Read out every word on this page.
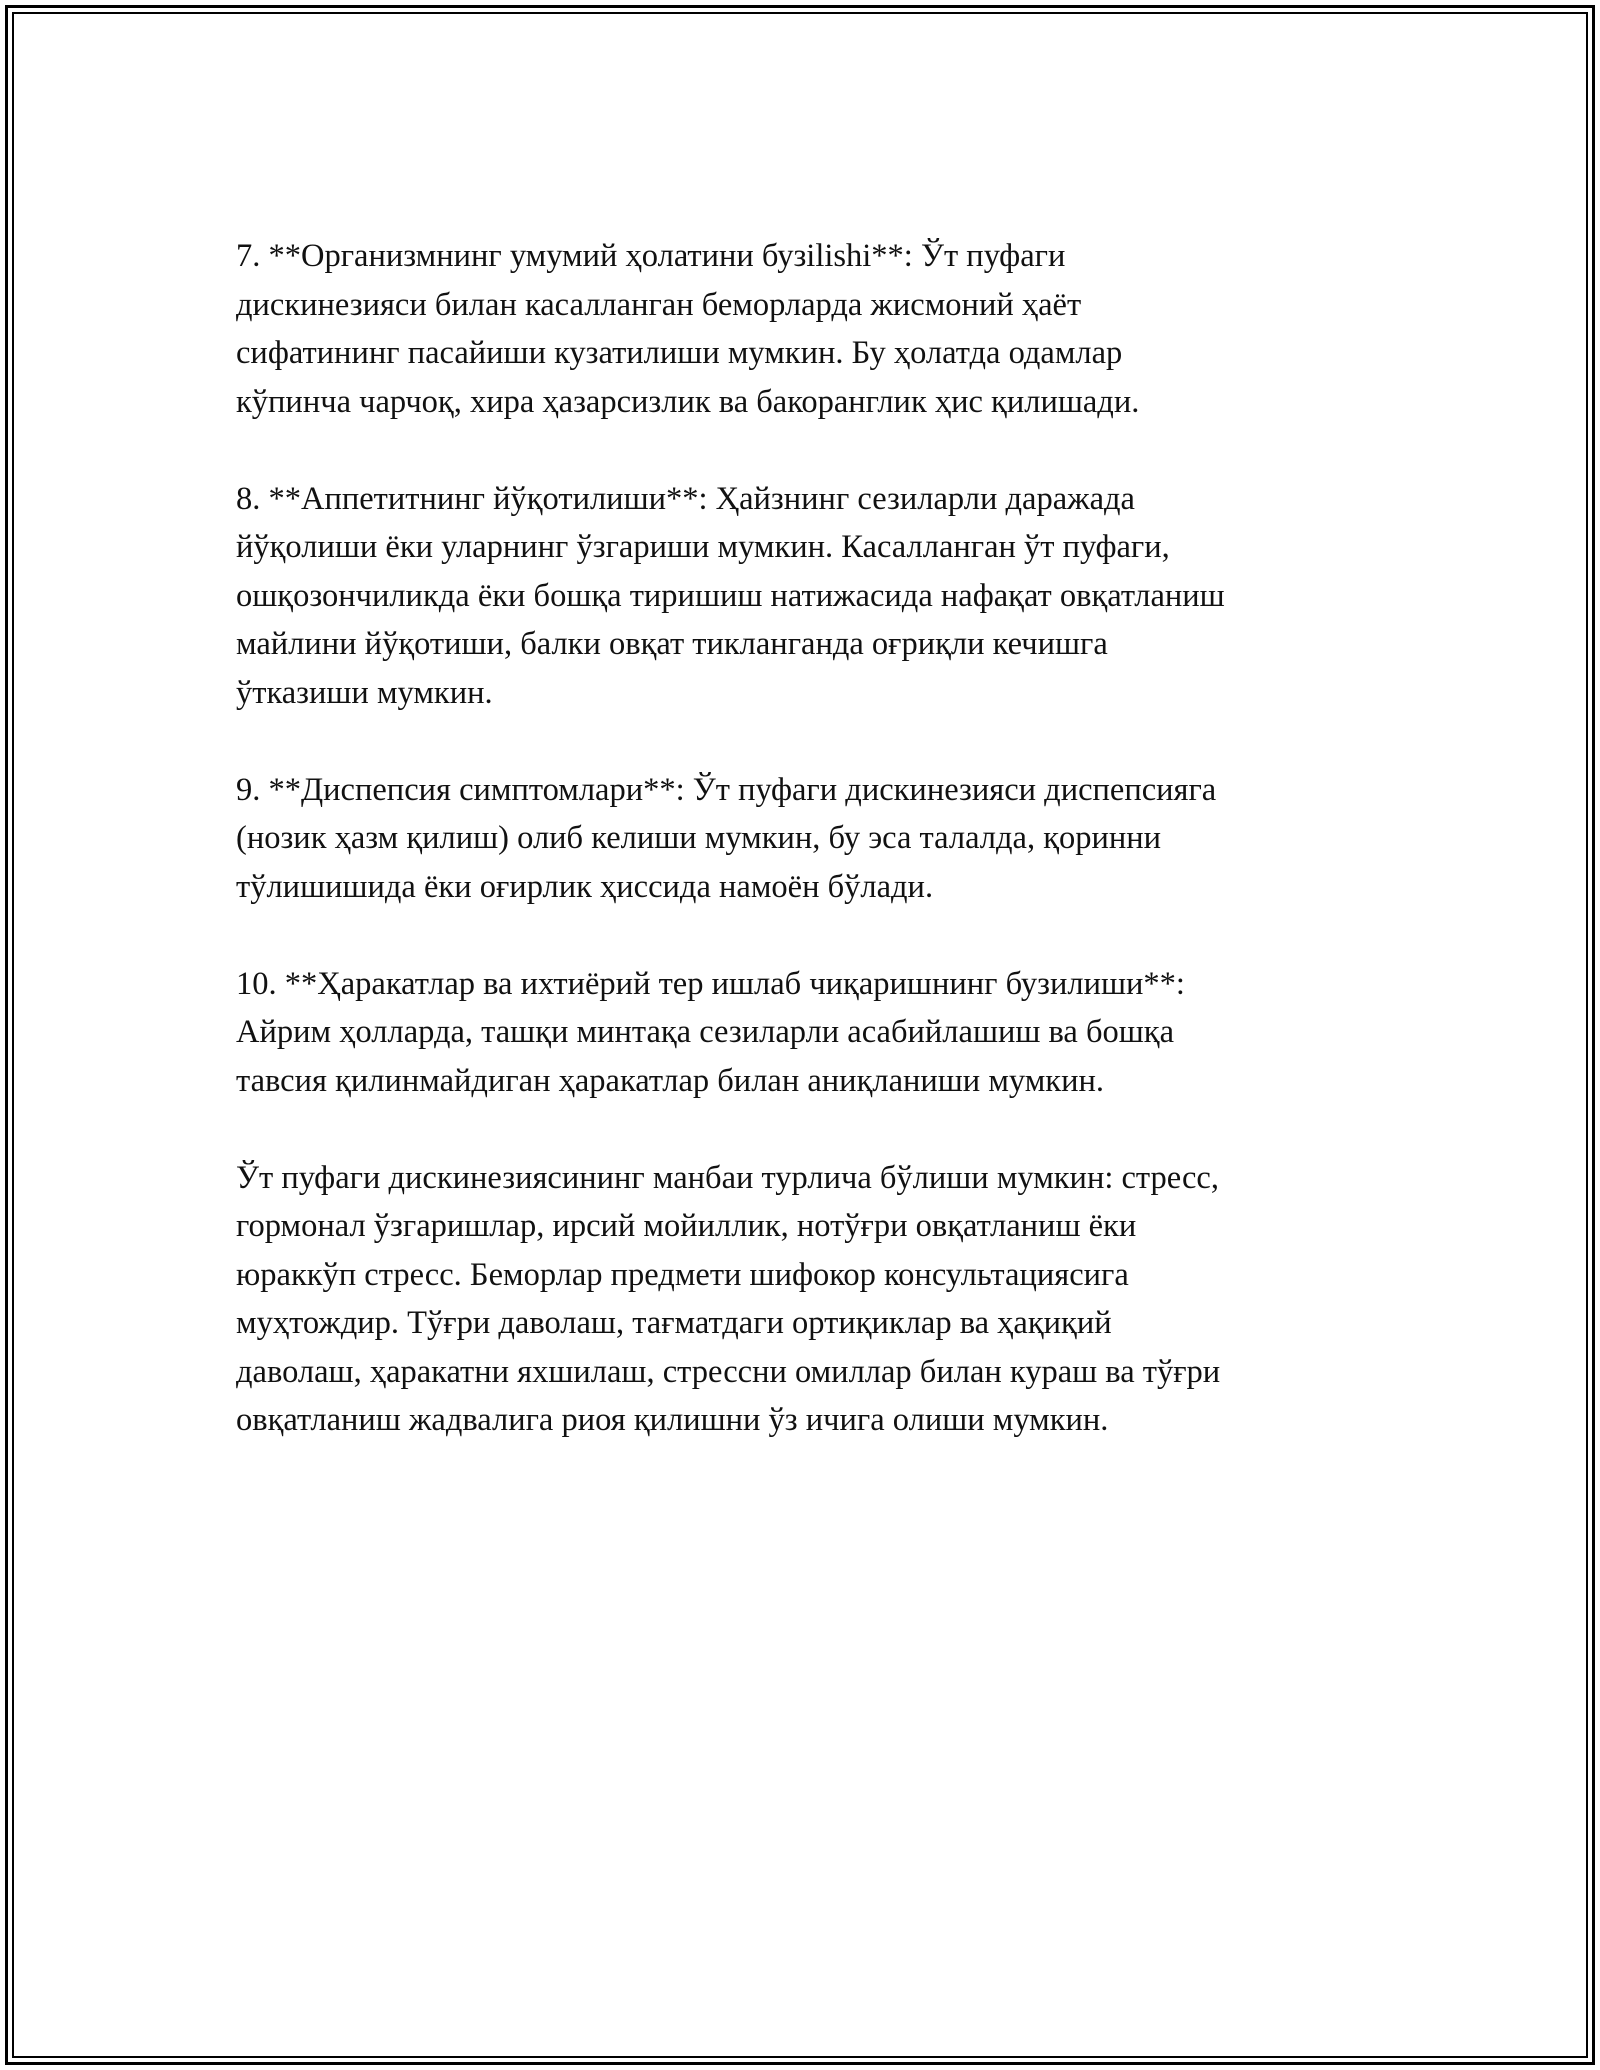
7. **Организмнинг умумий ҳолатини бузilishi**: Ўт пуфаги
дискинезияси билан касалланган беморларда жисмоний ҳаёт
сифатининг пасайиши кузатилиши мумкин. Бу ҳолатда одамлар
кўпинча чарчоқ, хира ҳазарсизлик ва бакоранглик ҳис қилишади.

8. **Аппетитнинг йўқотилиши**: Ҳайзнинг сезиларли даражада
йўқолиши ёки уларнинг ўзгариши мумкин. Касалланган ўт пуфаги,
ошқозончиликда ёки бошқа тиришиш натижасида нафақат овқатланиш
майлини йўқотиши, балки овқат тикланганда оғриқли кечишга
ўтказиши мумкин.

9. **Диспепсия симптомлари**: Ўт пуфаги дискинезияси диспепсияга
(нозик ҳазм қилиш) олиб келиши мумкин, бу эса талалда, қоринни
тўлишишида ёки оғирлик ҳиссида намоён бўлади.

10. **Ҳаракатлар ва ихтиёрий тер ишлаб чиқаришнинг бузилиши**:
Айрим ҳолларда, ташқи минтақа сезиларли асабийлашиш ва бошқа
тавсия қилинмайдиган ҳаракатлар билан аниқланиши мумкин.

Ўт пуфаги дискинезиясининг манбаи турлича бўлиши мумкин: стресс,
гормонал ўзгаришлар, ирсий мойиллик, нотўғри овқатланиш ёки
юраккўп стресс. Беморлар предмети шифокор консультациясига
муҳтождир. Тўғри даволаш, тағматдаги ортиқиклар ва ҳақиқий
даволаш, ҳаракатни яхшилаш, стрессни омиллар билан кураш ва тўғри
овқатланиш жадвалига риоя қилишни ўз ичига олиши мумкин.
